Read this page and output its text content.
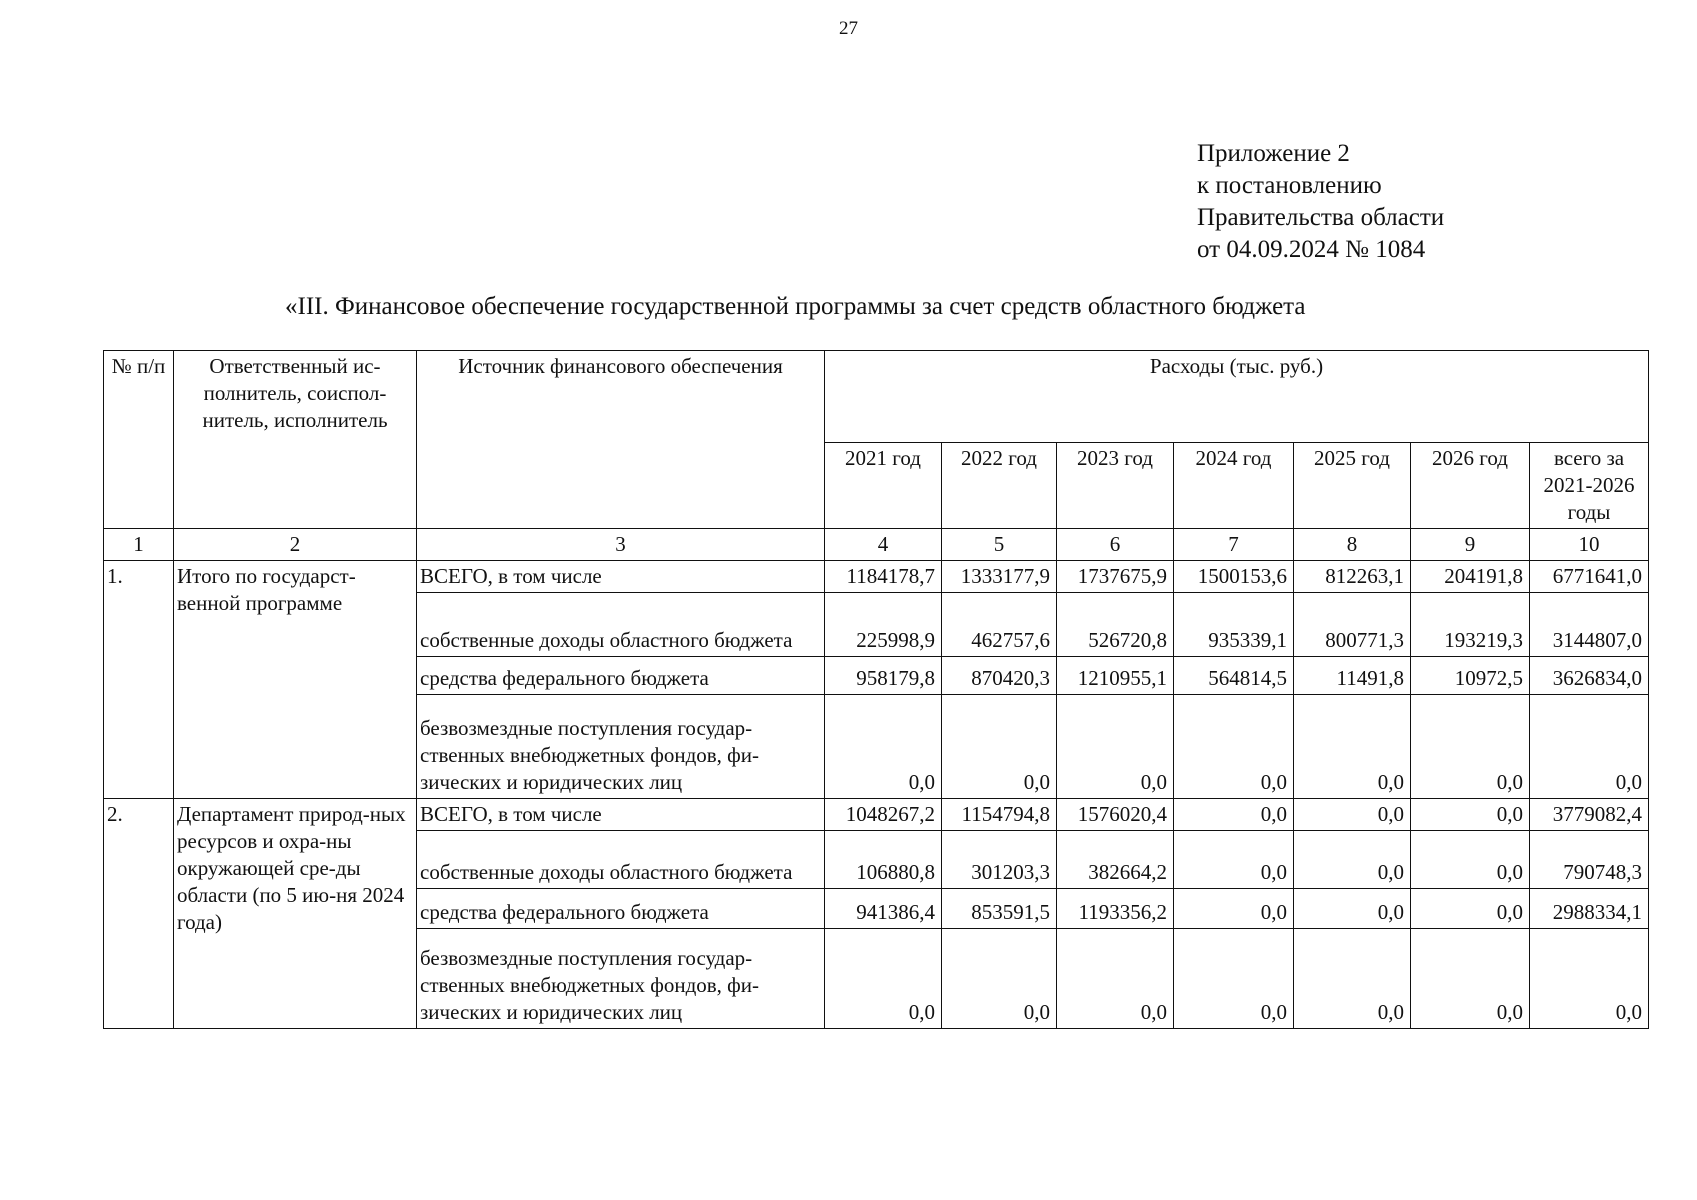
27
Приложение 2
к постановлению
Правительства области
от 04.09.2024 № 1084
«III. Финансовое обеспечение государственной программы за счет средств областного бюджета
№ п/п	Ответственный ис-полнитель, соиспол-нитель, исполнитель	Источник финансового обеспечения	Расходы (тыс. руб.)						
			2021 год	2022 год	2023 год	2024 год	2025 год	2026 год	всего за 2021-2026 годы
1	2	3	4	5	6	7	8	9	10
1.	Итого по государст-венной программе	ВСЕГО, в том числе	1184178,7	1333177,9	1737675,9	1500153,6	812263,1	204191,8	6771641,0
		собственные доходы областного бюджета	225998,9	462757,6	526720,8	935339,1	800771,3	193219,3	3144807,0
		средства федерального бюджета	958179,8	870420,3	1210955,1	564814,5	11491,8	10972,5	3626834,0
		безвозмездные поступления государ-ственных внебюджетных фондов, фи-зических и юридических лиц	0,0	0,0	0,0	0,0	0,0	0,0	0,0
2.	Департамент природ-ных ресурсов и охра-ны окружающей сре-ды области (по 5 ию-ня 2024 года)	ВСЕГО, в том числе	1048267,2	1154794,8	1576020,4	0,0	0,0	0,0	3779082,4
		собственные доходы областного бюджета	106880,8	301203,3	382664,2	0,0	0,0	0,0	790748,3
		средства федерального бюджета	941386,4	853591,5	1193356,2	0,0	0,0	0,0	2988334,1
		безвозмездные поступления государ-ственных внебюджетных фондов, фи-зических и юридических лиц	0,0	0,0	0,0	0,0	0,0	0,0	0,0
